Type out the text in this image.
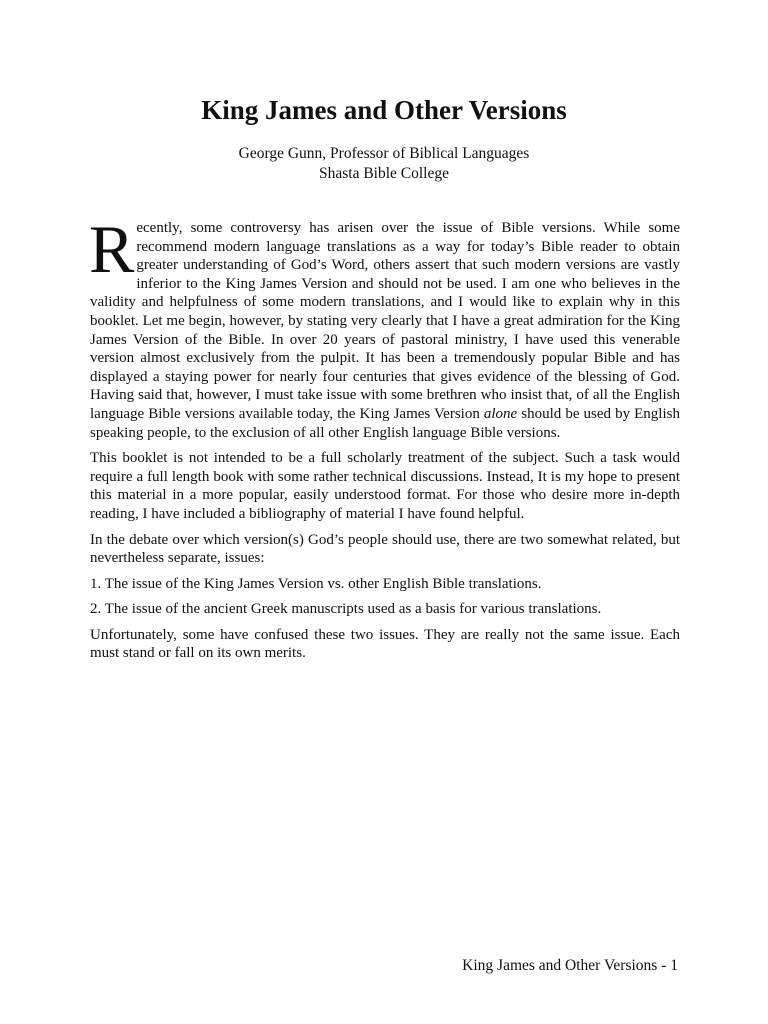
King James and Other Versions
George Gunn, Professor of Biblical Languages
Shasta Bible College

Recently, some controversy has arisen over the issue of Bible versions. While some recommend modern language translations as a way for today’s Bible reader to obtain greater understanding of God’s Word, others assert that such modern versions are vastly inferior to the King James Version and should not be used. I am one who believes in the validity and helpfulness of some modern translations, and I would like to explain why in this booklet. Let me begin, however, by stating very clearly that I have a great admiration for the King James Version of the Bible. In over 20 years of pastoral ministry, I have used this venerable version almost exclusively from the pulpit. It has been a tremendously popular Bible and has displayed a staying power for nearly four centuries that gives evidence of the blessing of God. Having said that, however, I must take issue with some brethren who insist that, of all the English language Bible versions available today, the King James Version alone should be used by English speaking people, to the exclusion of all other English language Bible versions.

This booklet is not intended to be a full scholarly treatment of the subject. Such a task would require a full length book with some rather technical discussions. Instead, It is my hope to present this material in a more popular, easily understood format. For those who desire more in-depth reading, I have included a bibliography of material I have found helpful.

In the debate over which version(s) God’s people should use, there are two somewhat related, but nevertheless separate, issues:

1. The issue of the King James Version vs. other English Bible translations.

2. The issue of the ancient Greek manuscripts used as a basis for various translations.

Unfortunately, some have confused these two issues. They are really not the same issue. Each must stand or fall on its own merits.

King James and Other Versions - 1
